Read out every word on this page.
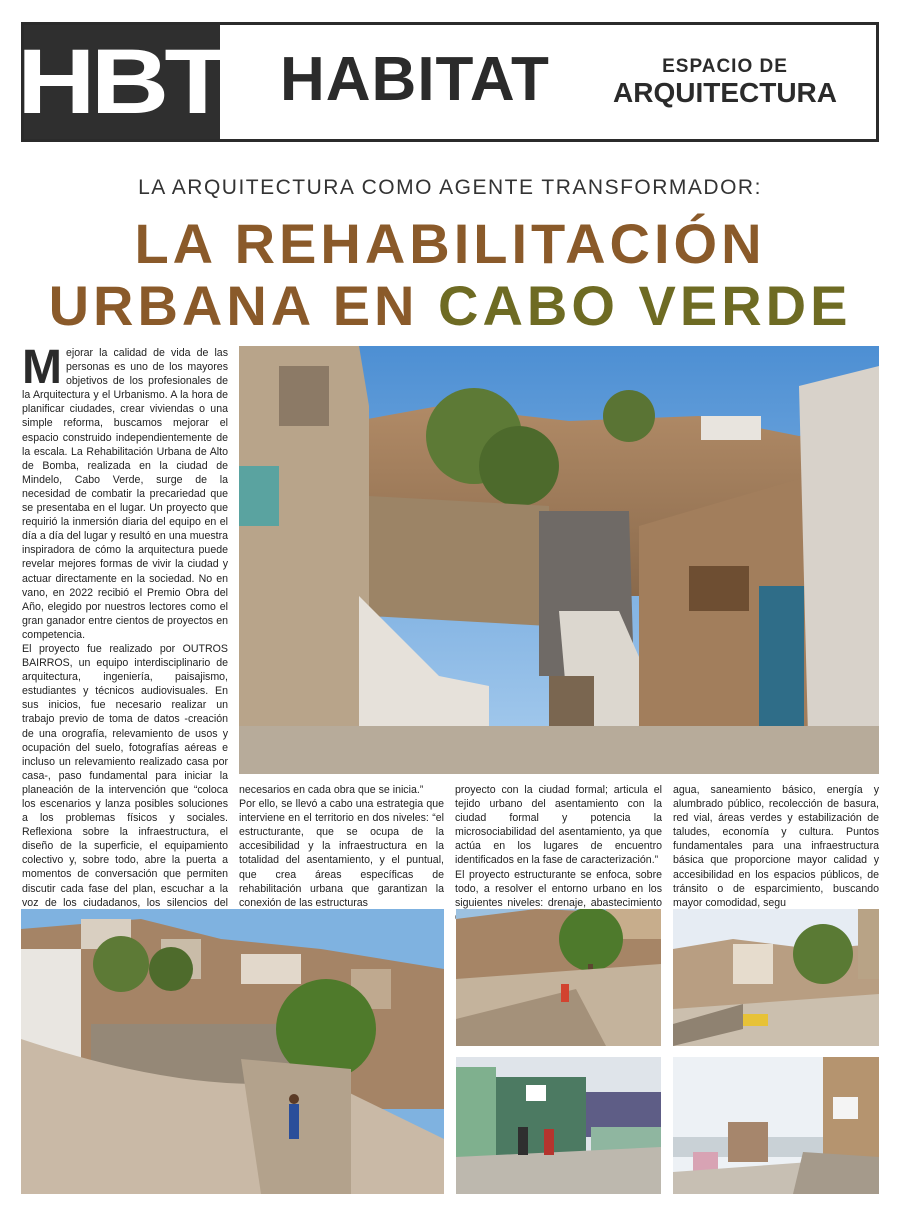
HBT HABITAT	ESPACIO DE
ARQUITECTURA
LA ARQUITECTURA COMO AGENTE TRANSFORMADOR:
LA REHABILITACIÓN
URBANA EN CABO VERDE
M ejorar la calidad de vida de las personas es uno de los mayores objetivos de los profesionales de la Arquitectura y el Urbanismo. A la hora de planificar ciudades, crear viviendas o una simple reforma, buscamos mejorar el espacio construido independientemente de la escala. La Rehabilitación Urbana de Alto de Bomba, realizada en la ciudad de Mindelo, Cabo Verde, surge de la necesidad de combatir la precariedad que se presentaba en el lugar. Un proyecto que requirió la inmersión diaria del equipo en el día a día del lugar y resultó en una muestra inspiradora de cómo la arquitectura puede revelar mejores formas de vivir la ciudad y actuar directamente en la sociedad. No en vano, en 2022 recibió el Premio Obra del Año, elegido por nuestros lectores como el gran ganador entre cientos de proyectos en competencia.

El proyecto fue realizado por OUTROS BAIRROS, un equipo interdisciplinario de arquitectura, ingeniería, paisajismo, estudiantes y técnicos audiovisuales. En sus inicios, fue necesario realizar un trabajo previo de toma de datos -creación de una orografía, relevamiento de usos y ocupación del suelo, fotografías aéreas e incluso un relevamiento realizado casa por casa-, paso fundamental para iniciar la planeación de la intervención que “coloca los escenarios y lanza posibles soluciones a los problemas físicos y sociales. Reflexiona sobre la infraestructura, el diseño de la superficie, el equipamiento colectivo y, sobre todo, abre la puerta a momentos de conversación que permiten discutir cada fase del plan, escuchar a la voz de los ciudadanos, los silencios del

necesarios en cada obra que se inicia.”

Por ello, se llevó a cabo una estrategia que interviene en el territorio en dos niveles: “el estructurante, que se ocupa de la accesibilidad y la infraestructura en la totalidad del asentamiento, y el puntual, que crea áreas específicas de rehabilitación urbana que garantizan la conexión de las estructuras

proyecto con la ciudad formal; articula el tejido urbano del asentamiento con la ciudad formal y potencia la microsociabilidad del asentamiento, ya que actúa en los lugares de encuentro identificados en la fase de caracterización.”

El proyecto estructurante se enfoca, sobre todo, a resolver el entorno urbano en los siguientes niveles: drenaje, abastecimiento

agua, saneamiento básico, energía y alumbrado público, recolección de basura, red vial, áreas verdes y estabilización de taludes, economía y cultura. Puntos fundamentales para una infraestructura básica que proporcione mayor calidad y accesibilidad en los espacios públicos, de tránsito o de esparcimiento, buscando mayor comodidad, segu
